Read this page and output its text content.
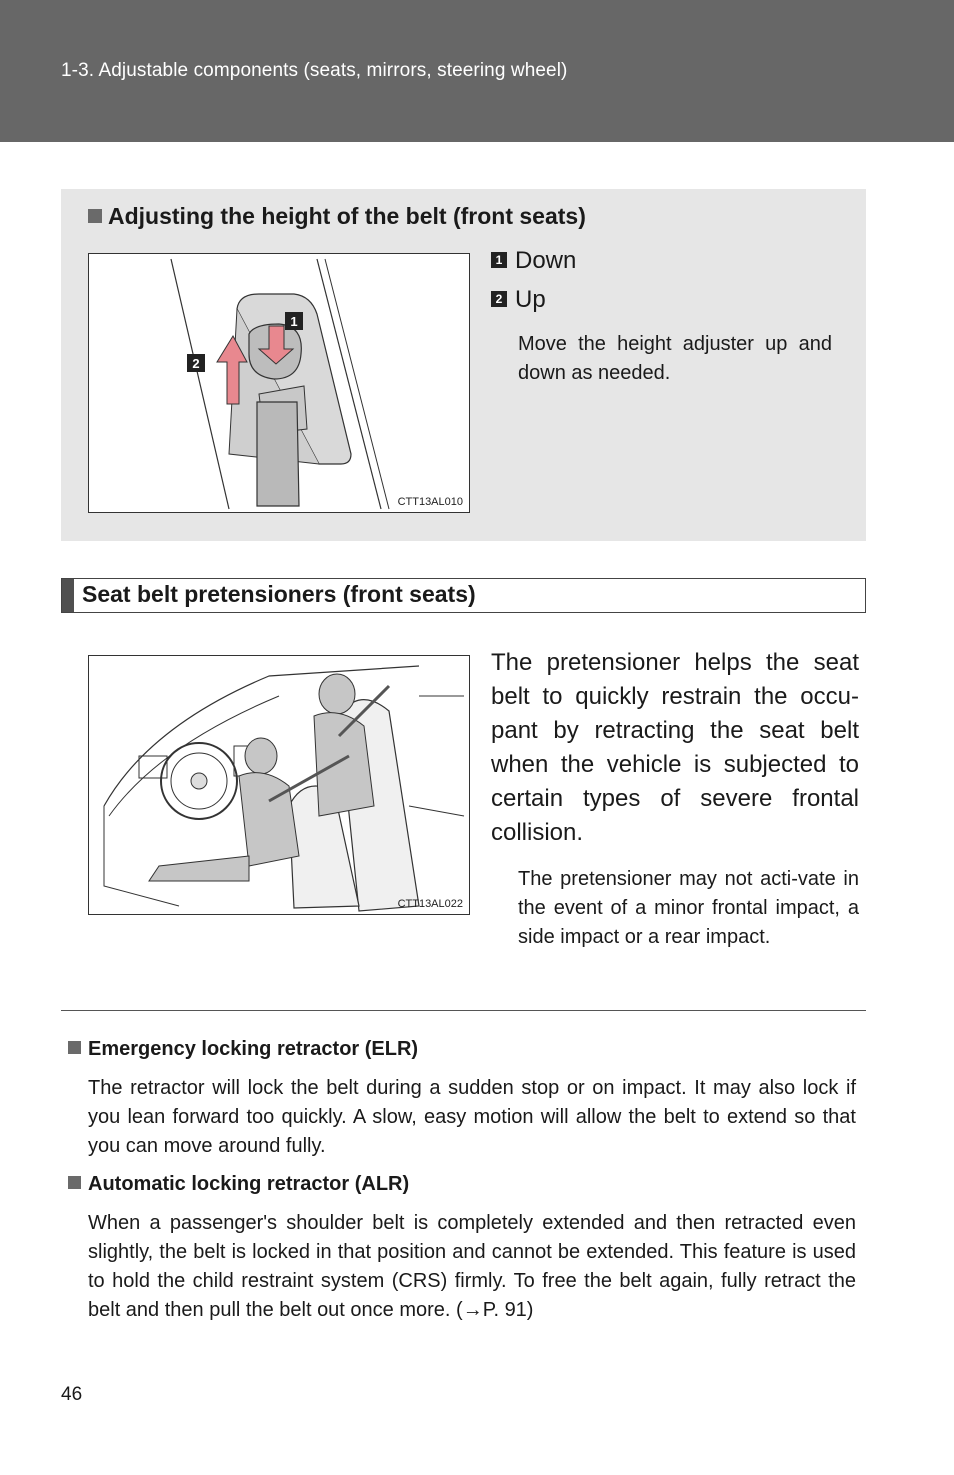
1-3. Adjustable components (seats, mirrors, steering wheel)
Adjusting the height of the belt (front seats)
1
2
CTT13AL010
1 Down
2 Up
Move the height adjuster up and down as needed.
Seat belt pretensioners (front seats)
CTT13AL022
The pretensioner helps the seat belt to quickly restrain the occu-pant by retracting the seat belt when the vehicle is subjected to certain types of severe frontal collision.
The pretensioner may not acti-vate in the event of a minor frontal impact, a side impact or a rear impact.
Emergency locking retractor (ELR)
The retractor will lock the belt during a sudden stop or on impact. It may also lock if you lean forward too quickly. A slow, easy motion will allow the belt to extend so that you can move around fully.
Automatic locking retractor (ALR)
When a passenger's shoulder belt is completely extended and then retracted even slightly, the belt is locked in that position and cannot be extended. This feature is used to hold the child restraint system (CRS) firmly. To free the belt again, fully retract the belt and then pull the belt out once more. (→P. 91)
46
